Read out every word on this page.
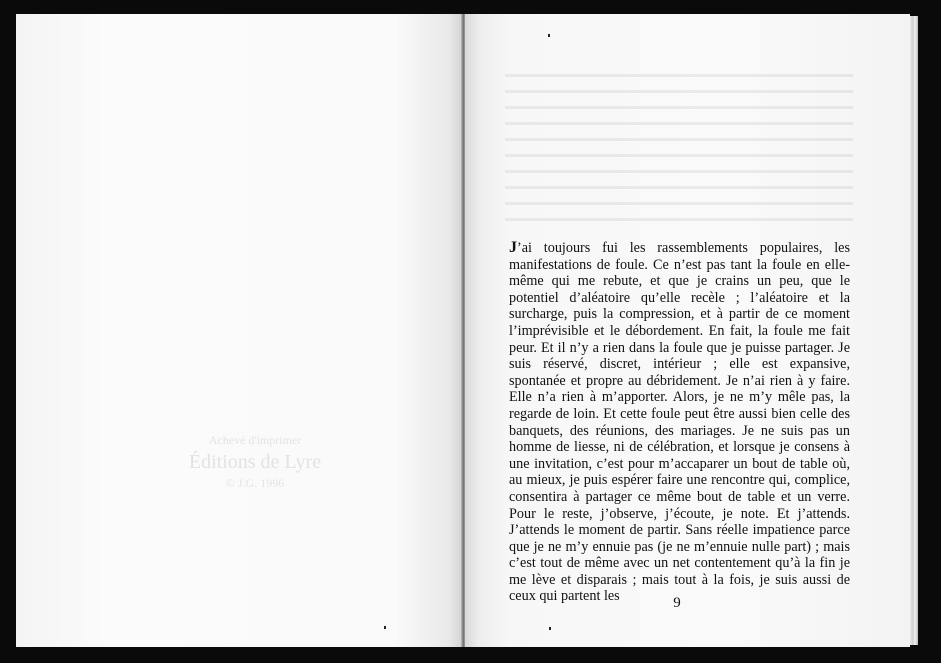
Achevé d'imprimer
Éditions de Lyre
© J.G. 1996

J’ai toujours fui les rassemblements populaires, les manifestations de foule. Ce n’est pas tant la foule en elle-même qui me rebute, et que je crains un peu, que le potentiel d’aléatoire qu’elle recèle ; l’aléatoire et la surcharge, puis la compression, et à partir de ce moment l’imprévisible et le débordement. En fait, la foule me fait peur. Et il n’y a rien dans la foule que je puisse partager. Je suis réservé, discret, intérieur ; elle est expansive, spontanée et propre au débridement. Je n’ai rien à y faire. Elle n’a rien à m’apporter. Alors, je ne m’y mêle pas, la regarde de loin. Et cette foule peut être aussi bien celle des banquets, des réunions, des mariages. Je ne suis pas un homme de liesse, ni de célébration, et lorsque je consens à une invitation, c’est pour m’accaparer un bout de table où, au mieux, je puis espérer faire une rencontre qui, complice, consentira à partager ce même bout de table et un verre. Pour le reste, j’observe, j’écoute, je note. Et j’attends. J’attends le moment de partir. Sans réelle impatience parce que je ne m’y ennuie pas (je ne m’ennuie nulle part) ; mais c’est tout de même avec un net contentement qu’à la fin je me lève et disparais ; mais tout à la fois, je suis aussi de ceux qui partent les	9
